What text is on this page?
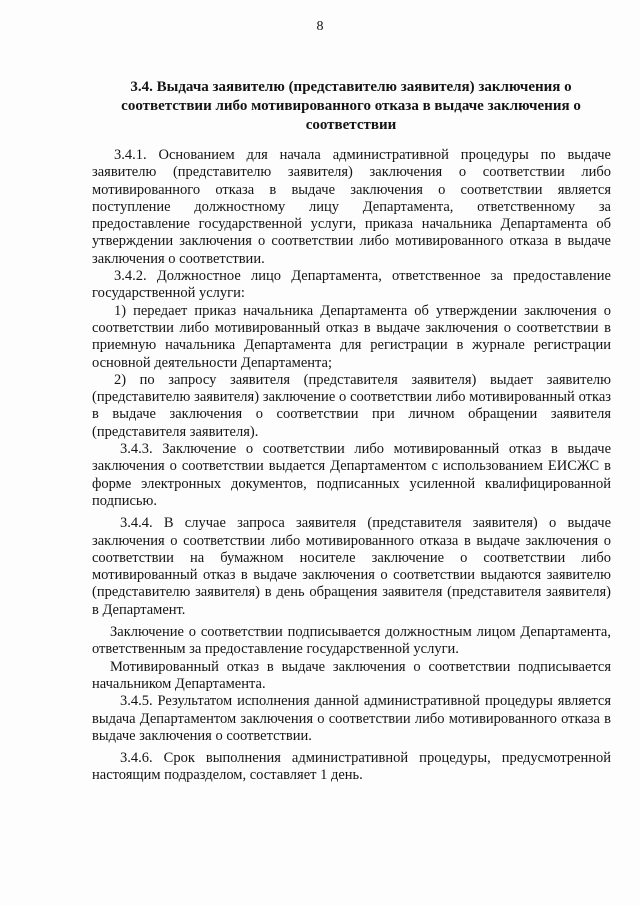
8
3.4. Выдача заявителю (представителю заявителя) заключения о соответствии либо мотивированного отказа в выдаче заключения о соответствии

3.4.1. Основанием для начала административной процедуры по выдаче заявителю (представителю заявителя) заключения о соответствии либо мотивированного отказа в выдаче заключения о соответствии является поступление должностному лицу Департамента, ответственному за предоставление государственной услуги, приказа начальника Департамента об утверждении заключения о соответствии либо мотивированного отказа в выдаче заключения о соответствии.

3.4.2. Должностное лицо Департамента, ответственное за предоставление государственной услуги:

1) передает приказ начальника Департамента об утверждении заключения о соответствии либо мотивированный отказ в выдаче заключения о соответствии в приемную начальника Департамента для регистрации в журнале регистрации основной деятельности Департамента;

2) по запросу заявителя (представителя заявителя) выдает заявителю (представителю заявителя) заключение о соответствии либо мотивированный отказ в выдаче заключения о соответствии при личном обращении заявителя (представителя заявителя).

3.4.3. Заключение о соответствии либо мотивированный отказ в выдаче заключения о соответствии выдается Департаментом с использованием ЕИСЖС в форме электронных документов, подписанных усиленной квалифицированной подписью.

3.4.4. В случае запроса заявителя (представителя заявителя) о выдаче заключения о соответствии либо мотивированного отказа в выдаче заключения о соответствии на бумажном носителе заключение о соответствии либо мотивированный отказ в выдаче заключения о соответствии выдаются заявителю (представителю заявителя) в день обращения заявителя (представителя заявителя) в Департамент.

Заключение о соответствии подписывается должностным лицом Департамента, ответственным за предоставление государственной услуги.

Мотивированный отказ в выдаче заключения о соответствии подписывается начальником Департамента.

3.4.5. Результатом исполнения данной административной процедуры является выдача Департаментом заключения о соответствии либо мотивированного отказа в выдаче заключения о соответствии.

3.4.6. Срок выполнения административной процедуры, предусмотренной настоящим подразделом, составляет 1 день.
